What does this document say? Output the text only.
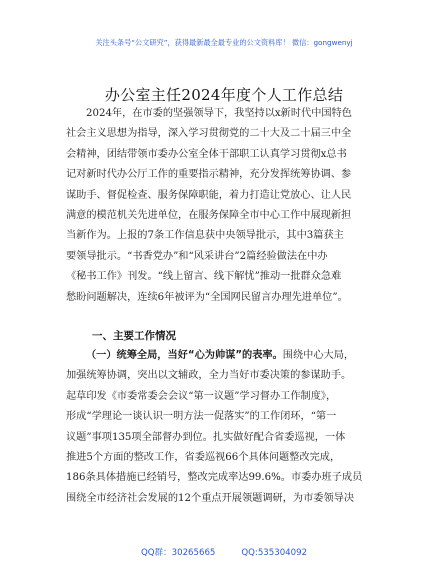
关注头条号“公文研究”，获得最新最全最专业的公文资料库！ 微信：gongwenyj
办公室主任2024年度个人工作总结
2024年，在市委的坚强领导下，我坚持以x新时代中国特色
社会主义思想为指导，深入学习贯彻党的二十大及二十届三中全
会精神，团结带领市委办公室全体干部职工认真学习贯彻x总书
记对新时代办公厅工作的重要指示精神，充分发挥统筹协调、参
谋助手、督促检查、服务保障职能，着力打造让党放心、让人民
满意的模范机关先进单位，在服务保障全市中心工作中展现新担
当新作为。上报的7条工作信息获中央领导批示，其中3篇获主
要领导批示。“书香党办”和“风采讲台”2篇经验做法在中办
《秘书工作》刊发。“线上留言、线下解忧”推动一批群众急难
愁盼问题解决，连续6年被评为“全国网民留言办理先进单位”。
一、主要工作情况
（一）统筹全局，当好“心为帅谋”的表率。围绕中心大局，
加强统筹协调，突出以文辅政，全力当好市委决策的参谋助手。
起草印发《市委常委会会议“第一议题”学习督办工作制度》，
形成“学理论一谈认识一明方法一促落实”的工作闭环，“第一
议题”事项135项全部督办到位。扎实做好配合省委巡视，一体
推进5个方面的整改工作，省委巡视66个具体问题整改完成，
186条具体措施已经销号，整改完成率达99.6%。市委办班子成员
围绕全市经济社会发展的12个重点开展领题调研，为市委领导决
QQ群：30265665	QQ:535304092
